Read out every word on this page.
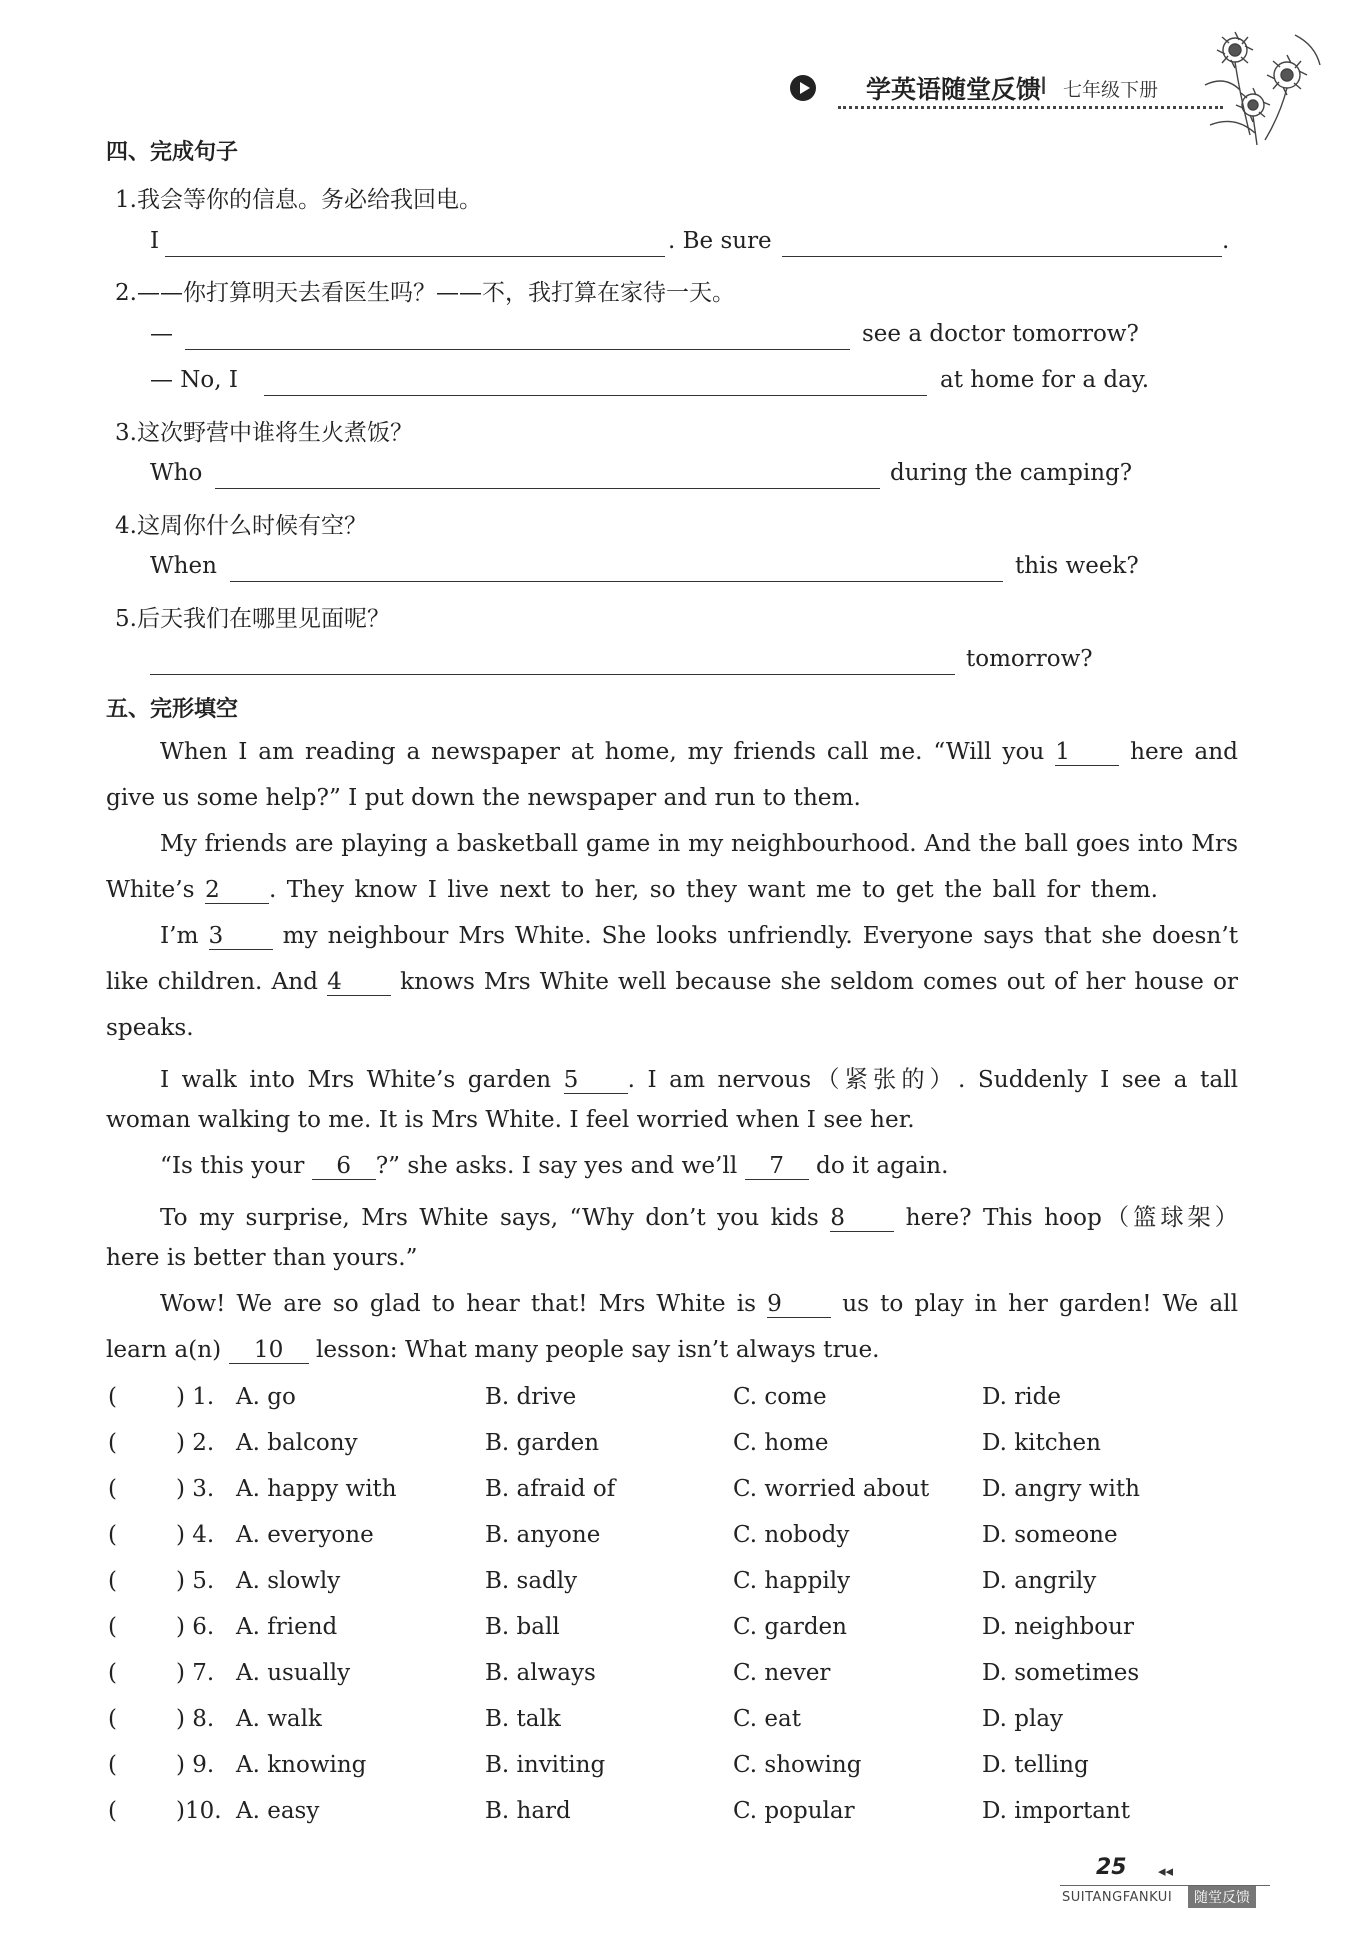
学英语随堂反馈
Ⅰ 七年级下册
四、完成句子
1.我会等你的信息。务必给我回电。
I	. Be sure	.
2.——你打算明天去看医生吗？——不，我打算在家待一天。
—	see a doctor tomorrow?
— No, I	at home for a day.
3.这次野营中谁将生火煮饭？
Who	during the camping?
4.这周你什么时候有空？
When	this week?
5.后天我们在哪里见面呢？
tomorrow?
五、完形填空
When I am reading a newspaper at home, my friends call me. “Will you 1	here and
give us some help?” I put down the newspaper and run to them.
My friends are playing a basketball game in my neighbourhood. And the ball goes into Mrs
White’s 2 . They know I live next to her, so they want me to get the ball for them.
I’m 3	my neighbour Mrs White. She looks unfriendly. Everyone says that she doesn’t
like children. And 4	knows Mrs White well because she seldom comes out of her house or
speaks.
I walk into Mrs White’s garden 5 . I am nervous（紧张的）. Suddenly I see a tall
woman walking to me. It is Mrs White. I feel worried when I see her.
“Is this your 6 ?” she asks. I say yes and we’ll 7 do it again.
To my surprise, Mrs White says, “Why don’t you kids 8	here? This hoop（篮球架）
here is better than yours.”
Wow! We are so glad to hear that! Mrs White is 9	us to play in her garden! We all
learn a(n) 10 lesson: What many people say isn’t always true.
(	) 1. A. go	B. drive	C. come	D. ride
(	) 2. A. balcony	B. garden	C. home	D. kitchen
(	) 3. A. happy with	B. afraid of	C. worried about D. angry with
(	) 4. A. everyone	B. anyone	C. nobody	D. someone
(	) 5. A. slowly	B. sadly	C. happily	D. angrily
(	) 6. A. friend	B. ball	C. garden	D. neighbour
(	) 7. A. usually	B. always	C. never	D. sometimes
(	) 8. A. walk	B. talk	C. eat	D. play
(	) 9. A. knowing	B. inviting	C. showing	D. telling
(	)10. A. easy	B. hard	C. popular	D. important
25 ◂◂
SUITANGFANKUI	随堂反馈
